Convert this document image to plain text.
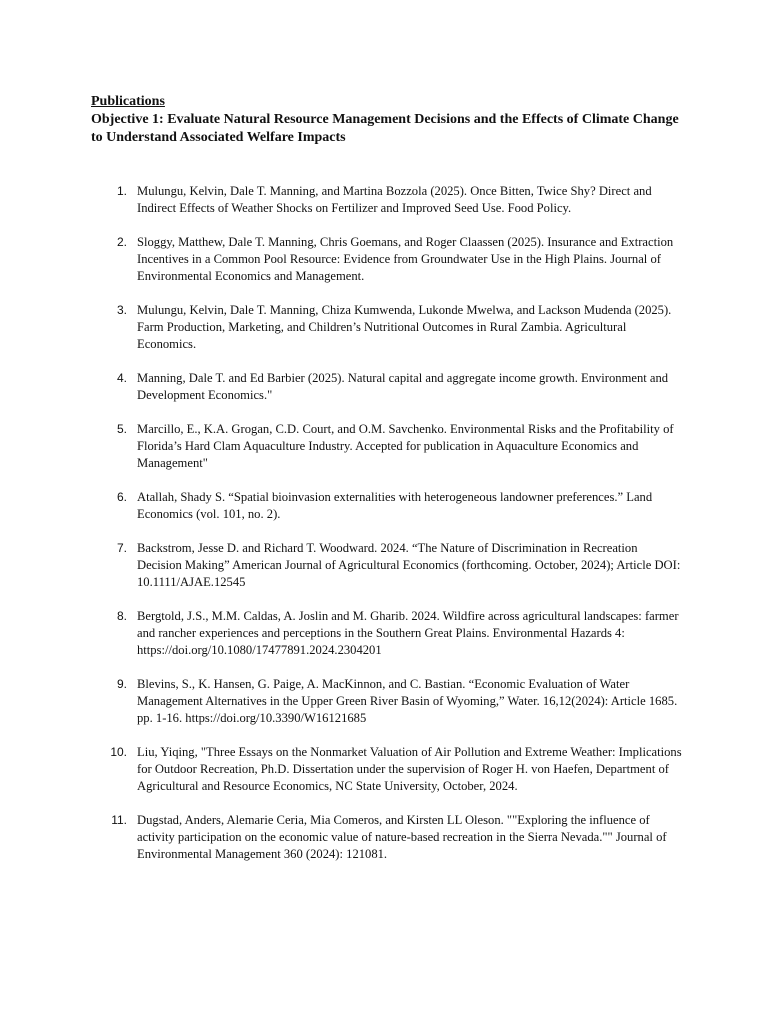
Publications

Objective 1: Evaluate Natural Resource Management Decisions and the Effects of Climate Change to Understand Associated Welfare Impacts

1. Mulungu, Kelvin, Dale T. Manning, and Martina Bozzola (2025). Once Bitten, Twice Shy? Direct and Indirect Effects of Weather Shocks on Fertilizer and Improved Seed Use. Food Policy.
2. Sloggy, Matthew, Dale T. Manning, Chris Goemans, and Roger Claassen (2025). Insurance and Extraction Incentives in a Common Pool Resource: Evidence from Groundwater Use in the High Plains. Journal of Environmental Economics and Management.
3. Mulungu, Kelvin, Dale T. Manning, Chiza Kumwenda, Lukonde Mwelwa, and Lackson Mudenda (2025). Farm Production, Marketing, and Children’s Nutritional Outcomes in Rural Zambia. Agricultural Economics.
4. Manning, Dale T. and Ed Barbier (2025). Natural capital and aggregate income growth. Environment and Development Economics."
5. Marcillo, E., K.A. Grogan, C.D. Court, and O.M. Savchenko. Environmental Risks and the Profitability of Florida’s Hard Clam Aquaculture Industry. Accepted for publication in Aquaculture Economics and Management"
6. Atallah, Shady S. “Spatial bioinvasion externalities with heterogeneous landowner preferences.” Land Economics (vol. 101, no. 2).
7. Backstrom, Jesse D. and Richard T. Woodward. 2024. “The Nature of Discrimination in Recreation Decision Making” American Journal of Agricultural Economics (forthcoming. October, 2024); Article DOI: 10.1111/AJAE.12545
8. Bergtold, J.S., M.M. Caldas, A. Joslin and M. Gharib. 2024. Wildfire across agricultural landscapes: farmer and rancher experiences and perceptions in the Southern Great Plains. Environmental Hazards 4: https://doi.org/10.1080/17477891.2024.2304201
9. Blevins, S., K. Hansen, G. Paige, A. MacKinnon, and C. Bastian. “Economic Evaluation of Water Management Alternatives in the Upper Green River Basin of Wyoming,” Water. 16,12(2024): Article 1685. pp. 1-16. https://doi.org/10.3390/W16121685
10. Liu, Yiqing, "Three Essays on the Nonmarket Valuation of Air Pollution and Extreme Weather: Implications for Outdoor Recreation, Ph.D. Dissertation under the supervision of Roger H. von Haefen, Department of Agricultural and Resource Economics, NC State University, October, 2024.
11. Dugstad, Anders, Alemarie Ceria, Mia Comeros, and Kirsten LL Oleson. ""Exploring the influence of activity participation on the economic value of nature-based recreation in the Sierra Nevada."" Journal of Environmental Management 360 (2024): 121081.
